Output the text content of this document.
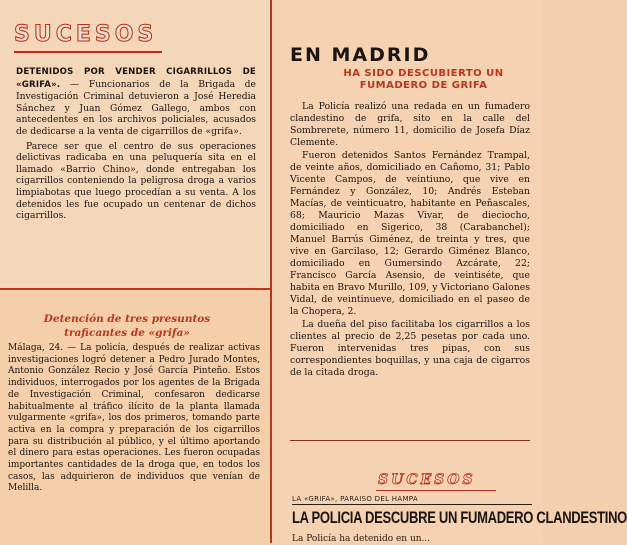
SUCESOS

DETENIDOS POR VENDER CIGARRILLOS DE «GRIFA». — Funcionarios de la Brigada de Investigación Criminal detuvieron a José Heredia Sánchez y Juan Gómez Gallego, ambos con antecedentes en los archivos policiales, acusados de dedicarse a la venta de cigarrillos de «grifa».

Parece ser que el centro de sus operaciones delictivas radicaba en una peluquería sita en el llamado «Barrio Chino», donde entregaban los cigarrillos conteniendo la peligrosa droga a varios limpiabotas que luego procedían a su venta. A los detenidos les fue ocupado un centenar de dichos cigarrillos.

Detención de tres presuntos
traficantes de «grifa»
Málaga, 24. — La policía, después de realizar activas investigaciones logró detener a Pedro Jurado Montes, Antonio González Recio y José García Pinteño. Estos individuos, interrogados por los agentes de la Brigada de Investigación Criminal, confesaron dedicarse habitualmente al tráfico ilícito de la planta llamada vulgarmente «grifa», los dos primeros, tomando parte activa en la compra y preparación de los cigarrillos para su distribución al público, y el último aportando el dinero para estas operaciones. Les fueron ocupadas importantes cantidades de la droga que, en todos los casos, las adquirieron de individuos que venían de Melilla.
EN MADRID
HA SIDO DESCUBIERTO UN
FUMADERO DE GRIFA

La Policía realizó una redada en un fumadero clandestino de grifa, sito en la calle del Sombrerete, número 11, domicilio de Josefa Díaz Clemente.

Fueron detenidos Santos Fernández Trampal, de veinte años, domiciliado en Cañomo, 31; Pablo Vicente Campos, de veintiuno, que vive en Fernández y González, 10; Andrés Esteban Macías, de veinticuatro, habitante en Peñascales, 68; Mauricio Mazas Vivar, de dieciocho, domiciliado en Sigerico, 38 (Carabanchel); Manuel Barrús Giménez, de treinta y tres, que vive en Garcilaso, 12; Gerardo Giménez Blanco, domiciliado en Gumersindo Azcárate, 22; Francisco García Asensio, de veintiséte, que habita en Bravo Murillo, 109, y Victoriano Galones Vidal, de veintinueve, domiciliado en el paseo de la Chopera, 2.

La dueña del piso facilitaba los cigarrillos a los clientes al precio de 2,25 pesetas por cada uno. Fueron intervenidas tres pipas, con sus correspondientes boquillas, y una caja de cigarros de la citada droga.

SUCESOS
LA «GRIFA», PARAISO DEL HAMPA
LA POLICIA DESCUBRE UN FUMADERO CLANDESTINO
La Policía ha detenido en un...
